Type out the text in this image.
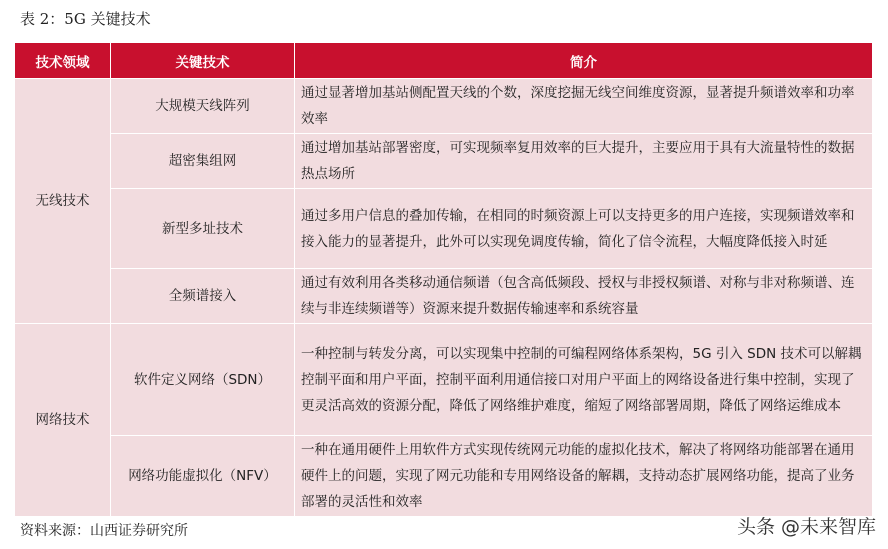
表 2：5G 关键技术
技术领域	关键技术	简介
无线技术	大规模天线阵列	通过显著增加基站侧配置天线的个数，深度挖掘无线空间维度资源，显著提升频谱效率和功率效率
	超密集组网	通过增加基站部署密度，可实现频率复用效率的巨大提升，主要应用于具有大流量特性的数据热点场所
	新型多址技术	通过多用户信息的叠加传输，在相同的时频资源上可以支持更多的用户连接，实现频谱效率和接入能力的显著提升，此外可以实现免调度传输，简化了信令流程，大幅度降低接入时延
	全频谱接入	通过有效利用各类移动通信频谱（包含高低频段、授权与非授权频谱、对称与非对称频谱、连续与非连续频谱等）资源来提升数据传输速率和系统容量
网络技术	软件定义网络（SDN）	一种控制与转发分离，可以实现集中控制的可编程网络体系架构，5G 引入 SDN 技术可以解耦控制平面和用户平面，控制平面利用通信接口对用户平面上的网络设备进行集中控制，实现了更灵活高效的资源分配，降低了网络维护难度，缩短了网络部署周期，降低了网络运维成本
	网络功能虚拟化（NFV）	一种在通用硬件上用软件方式实现传统网元功能的虚拟化技术，解决了将网络功能部署在通用硬件上的问题，实现了网元功能和专用网络设备的解耦，支持动态扩展网络功能，提高了业务部署的灵活性和效率
资料来源：山西证券研究所	头条 @未来智库
